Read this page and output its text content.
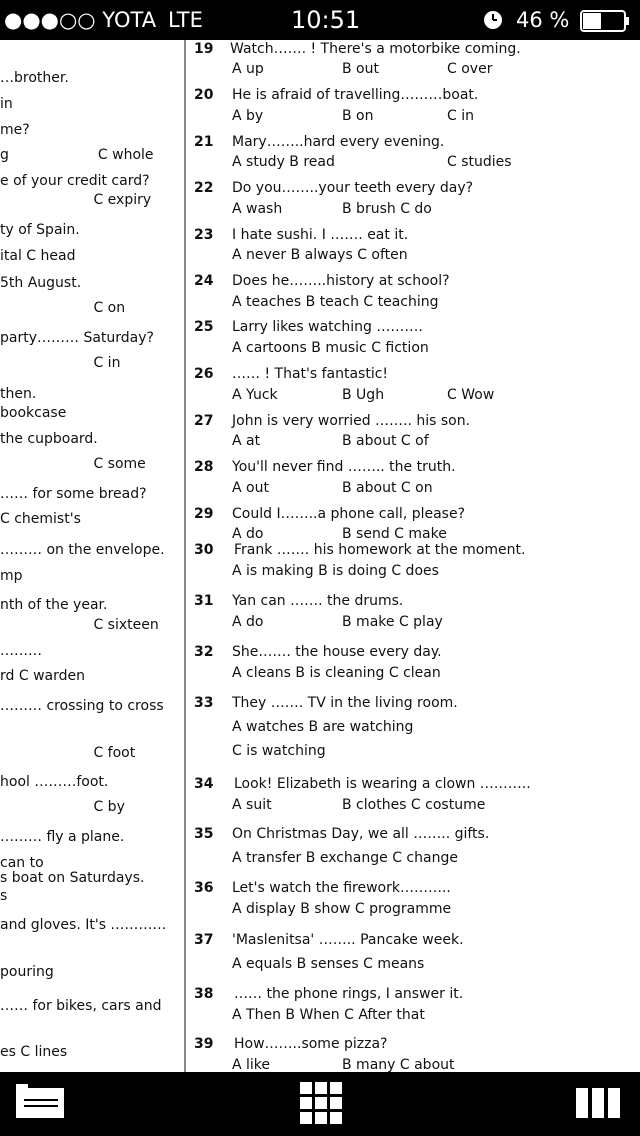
●●●○○ YOTA LTE	10:51	46 %
…brother.
in
me?
g                    C whole
e of your credit card?
C expiry
ty of Spain.
ital C head
5th August.
C on
party……… Saturday?
C in
then.
bookcase
the cupboard.
C some
…… for some bread?
C chemist's
……… on the envelope.
mp
nth of the year.
C sixteen
………
rd C warden
……… crossing to cross
C foot
hool ………foot.
C by
……… fly a plane.
can to
s boat on Saturdays.
s
and gloves. It's …………
pouring
…… for bikes, cars and
es C lines
19 Watch……. ! There's a motorbike coming.
A up	B out	C over
20 He is afraid of travelling………boat.
A by	B on	C in
21 Mary……..hard every evening.
A study B read	C studies
22 Do you……..your teeth every day?
A wash	B brush C do
23 I hate sushi. I ……. eat it.
A never B always C often
24 Does he……..history at school?
A teaches B teach C teaching
25 Larry likes watching ……….
A cartoons B music C fiction
26 …… ! That's fantastic!
A Yuck	B Ugh	C Wow
27 John is very worried …….. his son.
A at	B about C of
28 You'll never find …….. the truth.
A out	B about C on
29 Could I……..a phone call, please?
A do	B send C make
30 Frank ……. his homework at the moment.
A is making B is doing C does
31 Yan can ……. the drums.
A do	B make C play
32 She……. the house every day.
A cleans B is cleaning C clean
33 They ……. TV in the living room.
A watches B are watching
C is watching
34 Look! Elizabeth is wearing a clown ………..
A suit	B clothes C costume
35 On Christmas Day, we all …….. gifts.
A transfer B exchange C change
36 Let's watch the firework………..
A display B show C programme
37 'Maslenitsa' …….. Pancake week.
A equals B senses C means
38 …… the phone rings, I answer it.
A Then B When C After that
39 How……..some pizza?
A like	B many C about
